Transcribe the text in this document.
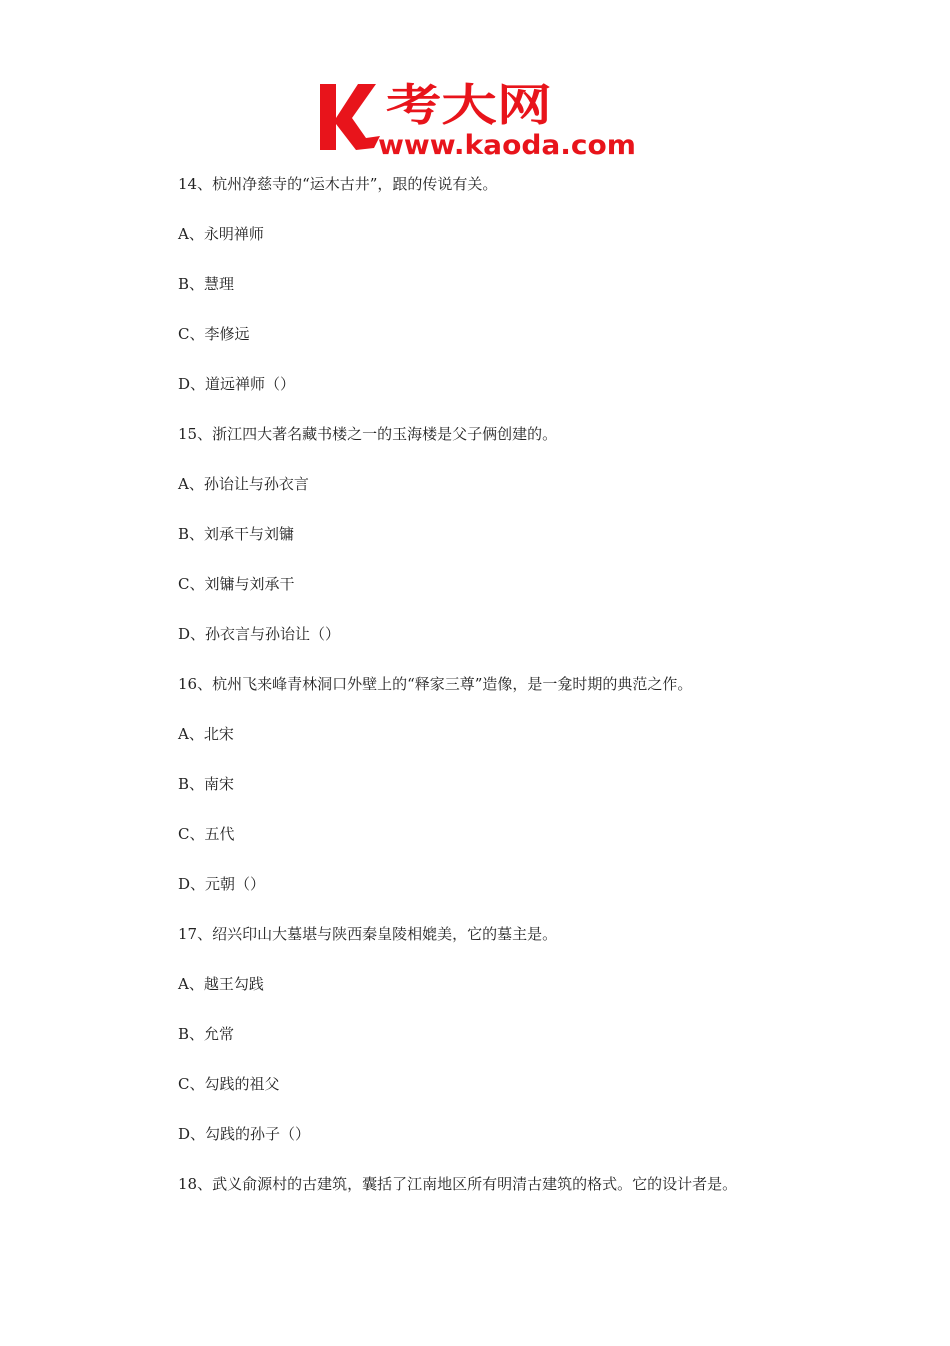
考大网
www.kaoda.com
14、杭州净慈寺的“运木古井”，跟的传说有关。
A、永明禅师
B、慧理
C、李修远
D、道远禅师（）
15、浙江四大著名藏书楼之一的玉海楼是父子俩创建的。
A、孙诒让与孙衣言
B、刘承干与刘镛
C、刘镛与刘承干
D、孙衣言与孙诒让（）
16、杭州飞来峰青林洞口外壁上的“释家三尊”造像，是一龛时期的典范之作。
A、北宋
B、南宋
C、五代
D、元朝（）
17、绍兴印山大墓堪与陕西秦皇陵相媲美，它的墓主是。
A、越王勾践
B、允常
C、勾践的祖父
D、勾践的孙子（）
18、武义俞源村的古建筑，囊括了江南地区所有明清古建筑的格式。它的设计者是。
